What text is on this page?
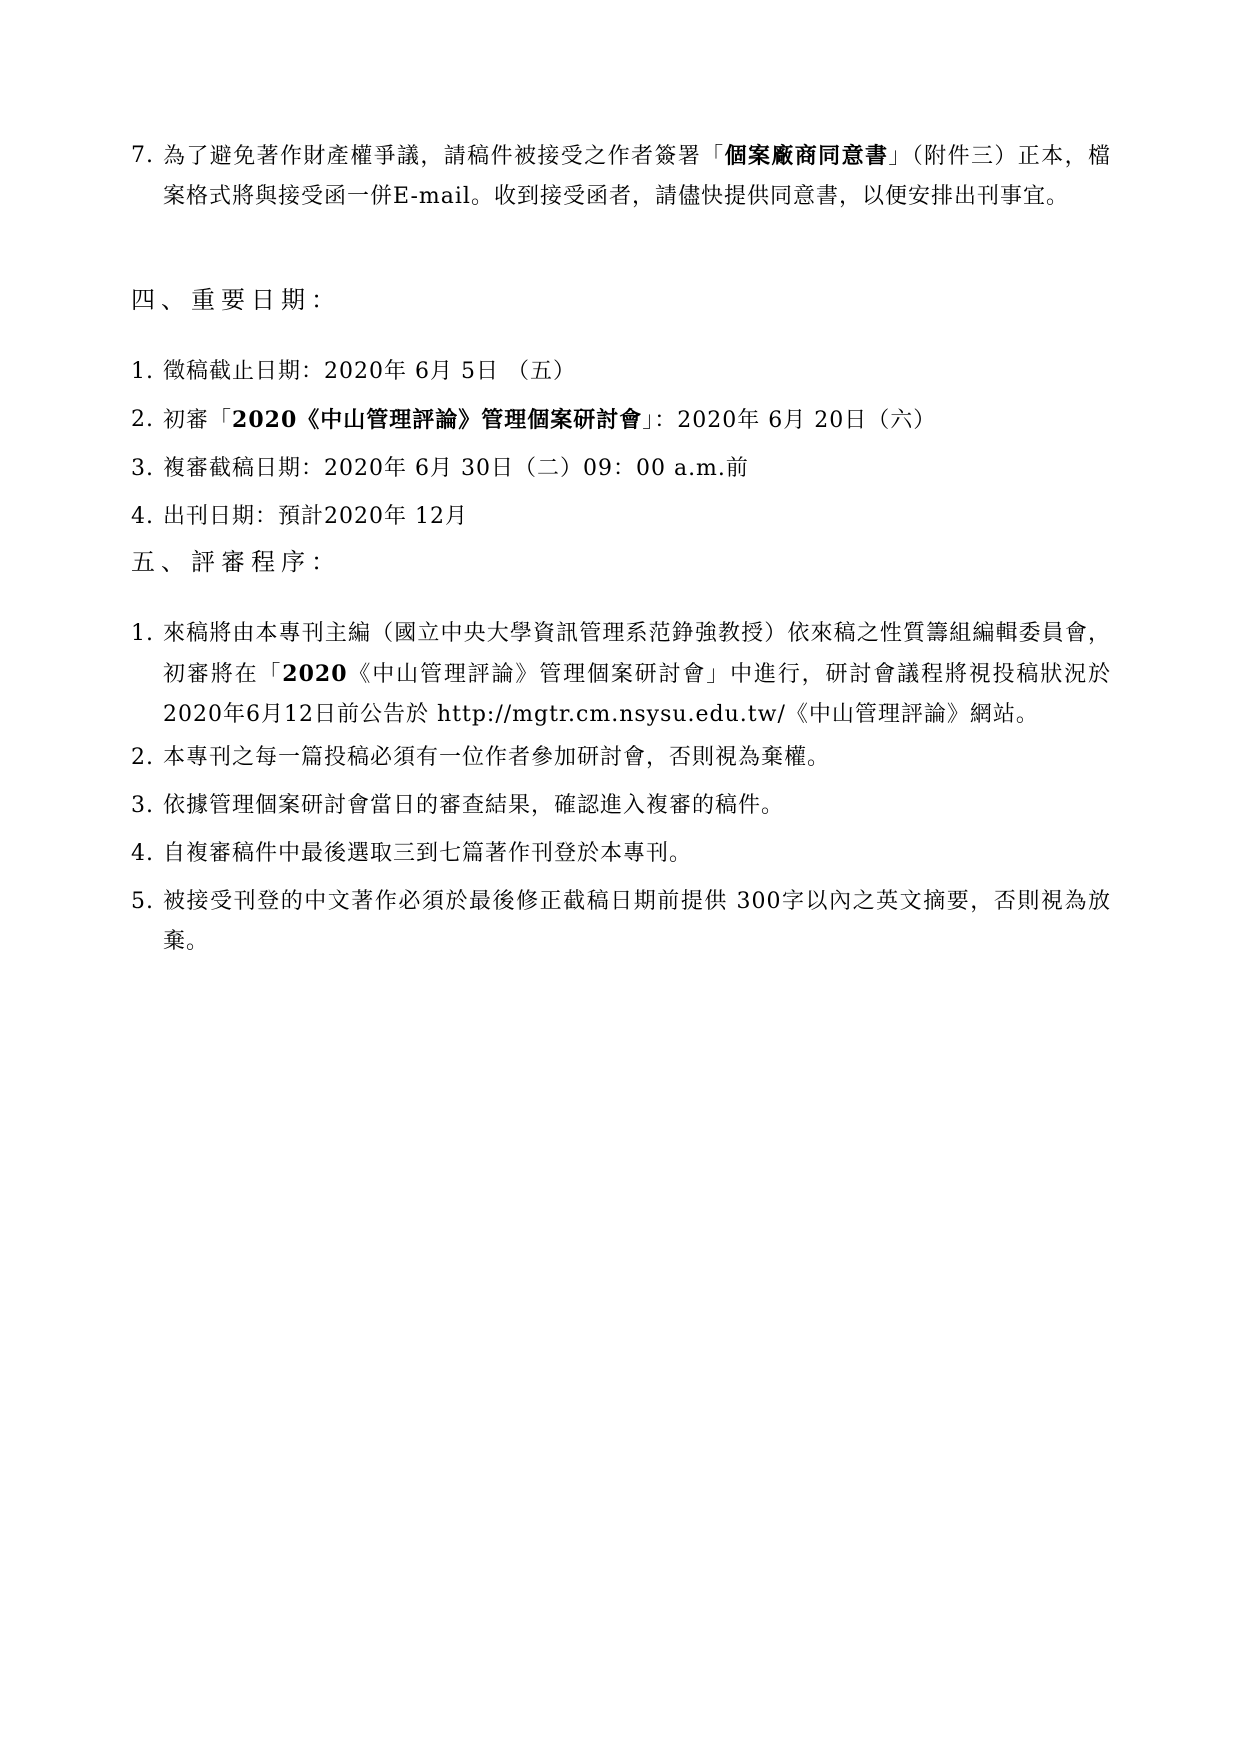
7. 為了避免著作財產權爭議，請稿件被接受之作者簽署「個案廠商同意書」（附件三）正本，檔案格式將與接受函一併E-mail。收到接受函者，請儘快提供同意書，以便安排出刊事宜。
四、重要日期：
1. 徵稿截止日期：2020年 6月 5日 （五）
2. 初審「2020《中山管理評論》管理個案研討會」：2020年 6月 20日（六）
3. 複審截稿日期：2020年 6月 30日（二）09：00 a.m.前
4. 出刊日期：預計2020年 12月
五、評審程序：
1. 來稿將由本專刊主編（國立中央大學資訊管理系范錚強教授）依來稿之性質籌組編輯委員會，初審將在「2020《中山管理評論》管理個案研討會」中進行，研討會議程將視投稿狀況於2020年6月12日前公告於 http://mgtr.cm.nsysu.edu.tw/《中山管理評論》網站。
2. 本專刊之每一篇投稿必須有一位作者參加研討會，否則視為棄權。
3. 依據管理個案研討會當日的審查結果，確認進入複審的稿件。
4. 自複審稿件中最後選取三到七篇著作刊登於本專刊。
5. 被接受刊登的中文著作必須於最後修正截稿日期前提供 300字以內之英文摘要，否則視為放棄。
